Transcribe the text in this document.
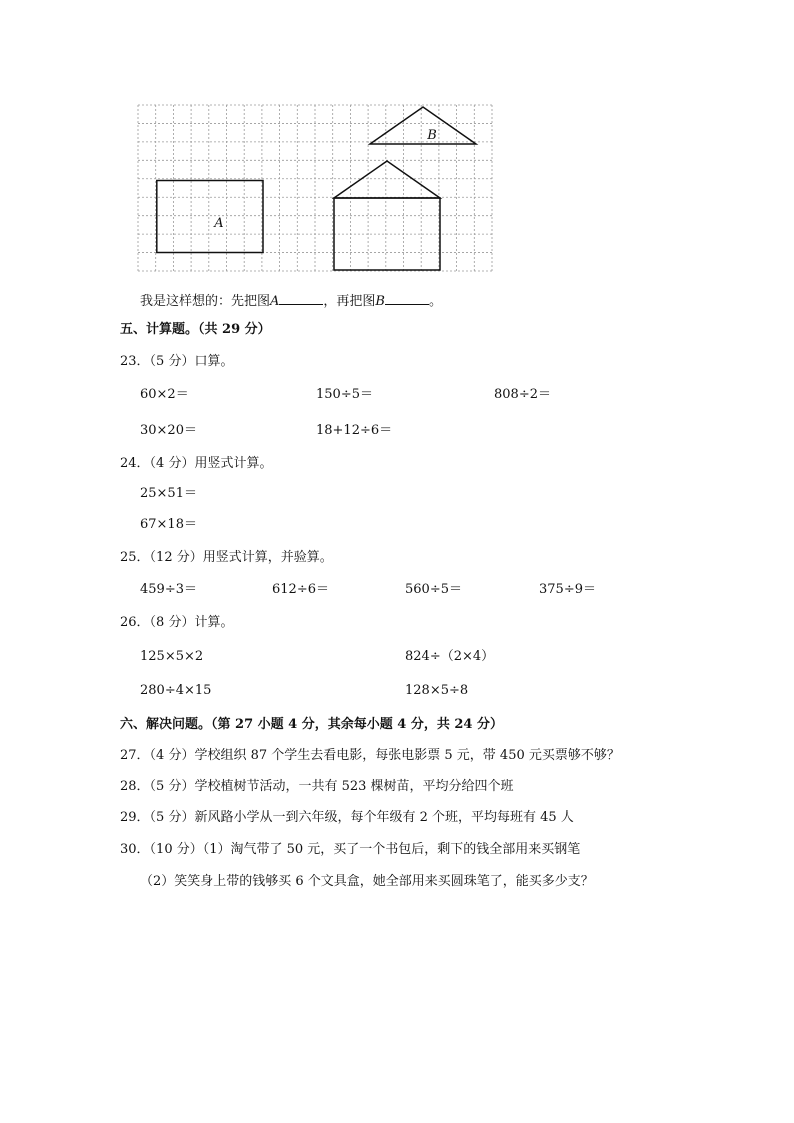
A
B
我是这样想的：先把图A	，再把图B	。
五、计算题。（共 29 分）
23．（5 分）口算。
60×2＝	150÷5＝	808÷2＝
30×20＝	18+12÷6＝
24．（4 分）用竖式计算。
25×51＝
67×18＝
25．（12 分）用竖式计算，并验算。
459÷3＝	612÷6＝	560÷5＝	375÷9＝
26．（8 分）计算。
125×5×2	824÷（2×4）
280÷4×15	128×5÷8
六、解决问题。（第 27 小题 4 分，其余每小题 4 分，共 24 分）
27．（4 分）学校组织 87 个学生去看电影，每张电影票 5 元，带 450 元买票够不够？
28．（5 分）学校植树节活动，一共有 523 棵树苗，平均分给四个班
29．（5 分）新风路小学从一到六年级，每个年级有 2 个班，平均每班有 45 人
30．（10 分）（1）淘气带了 50 元，买了一个书包后，剩下的钱全部用来买钢笔
（2）笑笑身上带的钱够买 6 个文具盒，她全部用来买圆珠笔了，能买多少支？
